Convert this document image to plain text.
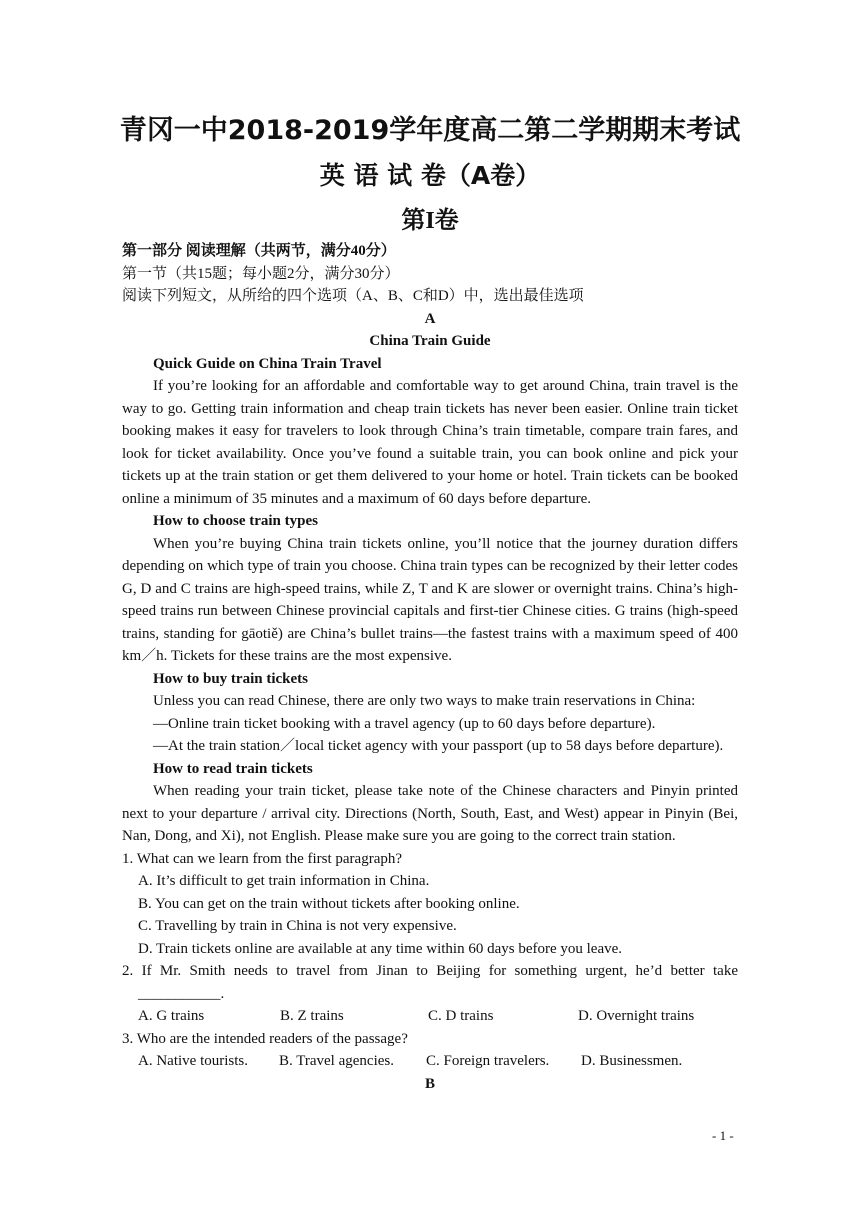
青冈一中2018-2019学年度高二第二学期期末考试
英 语 试 卷（A卷）
第I卷

第一部分 阅读理解（共两节，满分40分）

第一节（共15题；每小题2分，满分30分）

阅读下列短文，从所给的四个选项（A、B、C和D）中，选出最佳选项

A

China Train Guide

Quick Guide on China Train Travel

If you’re looking for an affordable and comfortable way to get around China, train travel is the way to go. Getting train information and cheap train tickets has never been easier. Online train ticket booking makes it easy for travelers to look through China’s train timetable, compare train fares, and look for ticket availability. Once you’ve found a suitable train, you can book online and pick your tickets up at the train station or get them delivered to your home or hotel. Train tickets can be booked online a minimum of 35 minutes and a maximum of 60 days before departure.

How to choose train types

When you’re buying China train tickets online, you’ll notice that the journey duration differs depending on which type of train you choose. China train types can be recognized by their letter codes G, D and C trains are high-speed trains, while Z, T and K are slower or overnight trains. China’s high-speed trains run between Chinese provincial capitals and first-tier Chinese cities. G trains (high-speed trains, standing for gāotiě) are China’s bullet trains—the fastest trains with a maximum speed of 400 km／h. Tickets for these trains are the most expensive.

How to buy train tickets

Unless you can read Chinese, there are only two ways to make train reservations in China:

—Online train ticket booking with a travel agency (up to 60 days before departure).

—At the train station／local ticket agency with your passport (up to 58 days before departure).

How to read train tickets

When reading your train ticket, please take note of the Chinese characters and Pinyin printed next to your departure / arrival city. Directions (North, South, East, and West) appear in Pinyin (Bei, Nan, Dong, and Xi), not English. Please make sure you are going to the correct train station.

1. What can we learn from the first paragraph?

A. It’s difficult to get train information in China.

B. You can get on the train without tickets after booking online.

C. Travelling by train in China is not very expensive.

D. Train tickets online are available at any time within 60 days before you leave.

2. If Mr. Smith needs to travel from Jinan to Beijing for something urgent, he’d better take

___________.

A. G trains	B. Z trains	C. D trains	D. Overnight trains

3. Who are the intended readers of the passage?

A. Native tourists. B. Travel agencies. C. Foreign travelers. D. Businessmen.

B

- 1 -
